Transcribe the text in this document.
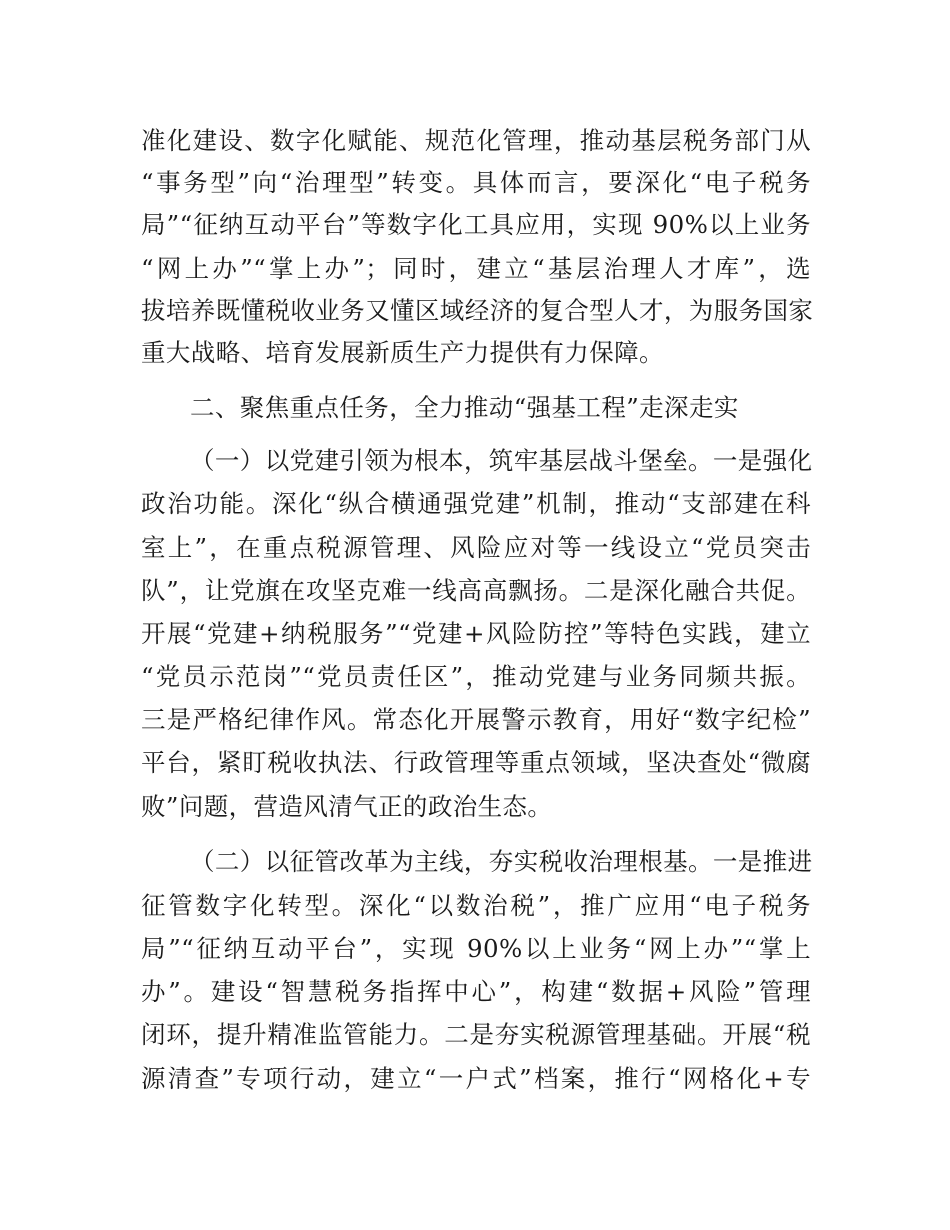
准化建设、数字化赋能、规范化管理，推动基层税务部门从
“事务型”向“治理型”转变。具体而言，要深化“电子税务
局”“征纳互动平台”等数字化工具应用，实现 90%以上业务
“网上办”“掌上办”；同时，建立“基层治理人才库”，选
拔培养既懂税收业务又懂区域经济的复合型人才，为服务国家
重大战略、培育发展新质生产力提供有力保障。
二、聚焦重点任务，全力推动“强基工程”走深走实
（一）以党建引领为根本，筑牢基层战斗堡垒。一是强化
政治功能。深化“纵合横通强党建”机制，推动“支部建在科
室上”，在重点税源管理、风险应对等一线设立“党员突击
队”，让党旗在攻坚克难一线高高飘扬。二是深化融合共促。
开展“党建+纳税服务”“党建+风险防控”等特色实践，建立
“党员示范岗”“党员责任区”，推动党建与业务同频共振。
三是严格纪律作风。常态化开展警示教育，用好“数字纪检”
平台，紧盯税收执法、行政管理等重点领域，坚决查处“微腐
败”问题，营造风清气正的政治生态。
（二）以征管改革为主线，夯实税收治理根基。一是推进
征管数字化转型。深化“以数治税”，推广应用“电子税务
局”“征纳互动平台”，实现 90%以上业务“网上办”“掌上
办”。建设“智慧税务指挥中心”，构建“数据+风险”管理
闭环，提升精准监管能力。二是夯实税源管理基础。开展“税
源清查”专项行动，建立“一户式”档案，推行“网格化+专
